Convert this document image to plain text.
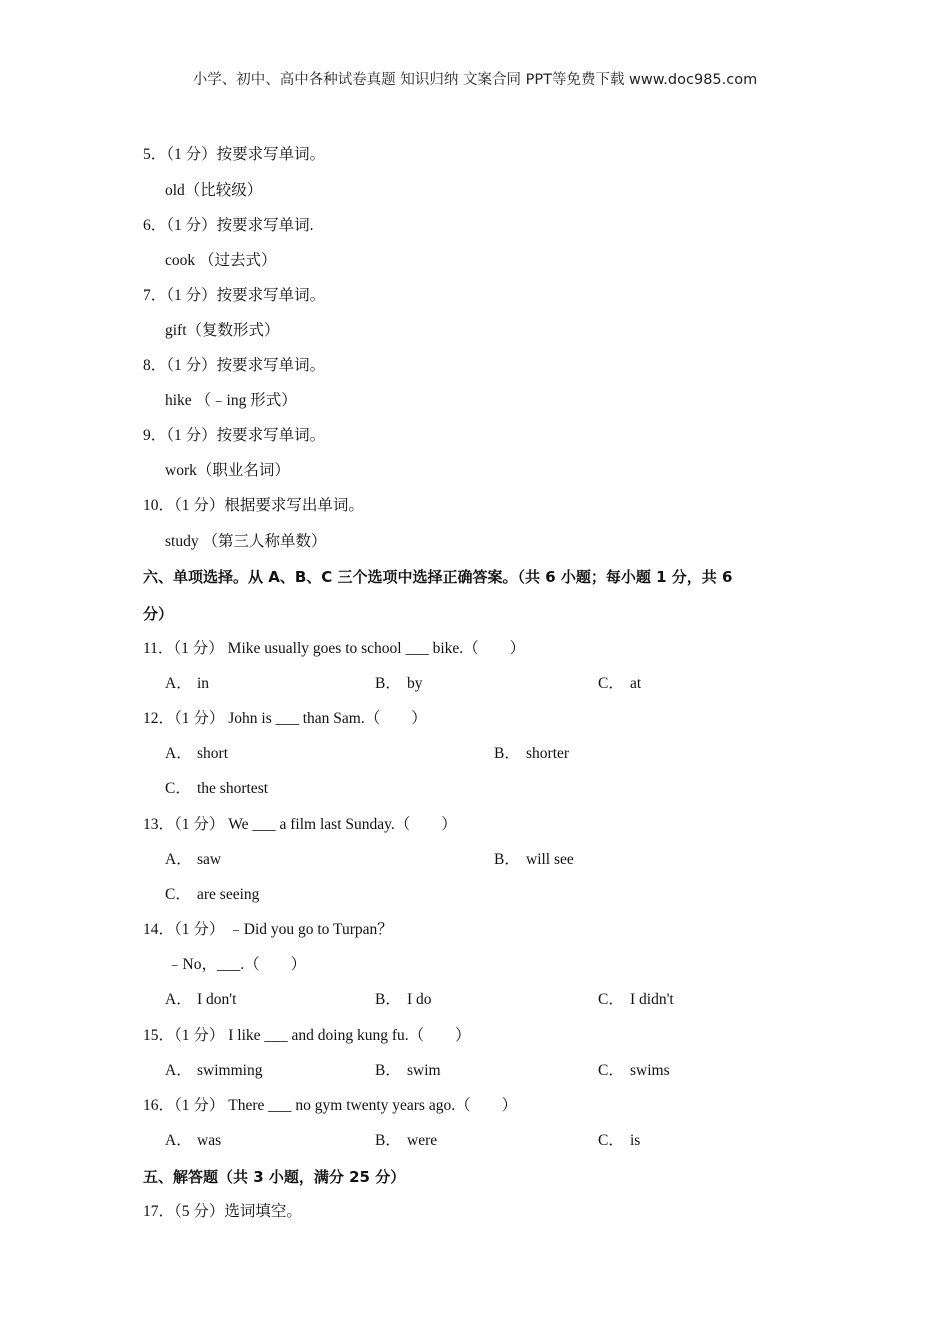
小学、初中、高中各种试卷真题 知识归纳 文案合同 PPT等免费下载 www.doc985.com
5．（1 分）按要求写单词。
old（比较级）
6．（1 分）按要求写单词.
cook （过去式）
7．（1 分）按要求写单词。
gift（复数形式）
8．（1 分）按要求写单词。
hike （﹣ing 形式）
9．（1 分）按要求写单词。
work（职业名词）
10．（1 分）根据要求写出单词。
study （第三人称单数）
六、单项选择。从 A、B、C 三个选项中选择正确答案。（共 6 小题；每小题 1 分，共 6
分）
11．（1 分） Mike usually goes to school ___ bike.（　　）
A． in	B． by	C． at
12．（1 分） John is ___ than Sam.（　　）
A． short	B． shorter
C． the shortest
13．（1 分） We ___ a film last Sunday.（　　）
A． saw	B． will see
C． are seeing
14．（1 分） ﹣Did you go to Turpan？
﹣No，___.（　　）
A． I don't	B． I do	C． I didn't
15．（1 分） I like ___ and doing kung fu.（　　）
A． swimming	B． swim	C． swims
16．（1 分） There ___ no gym twenty years ago.（　　）
A． was	B． were	C． is
五、解答题（共 3 小题，满分 25 分）
17．（5 分）选词填空。
